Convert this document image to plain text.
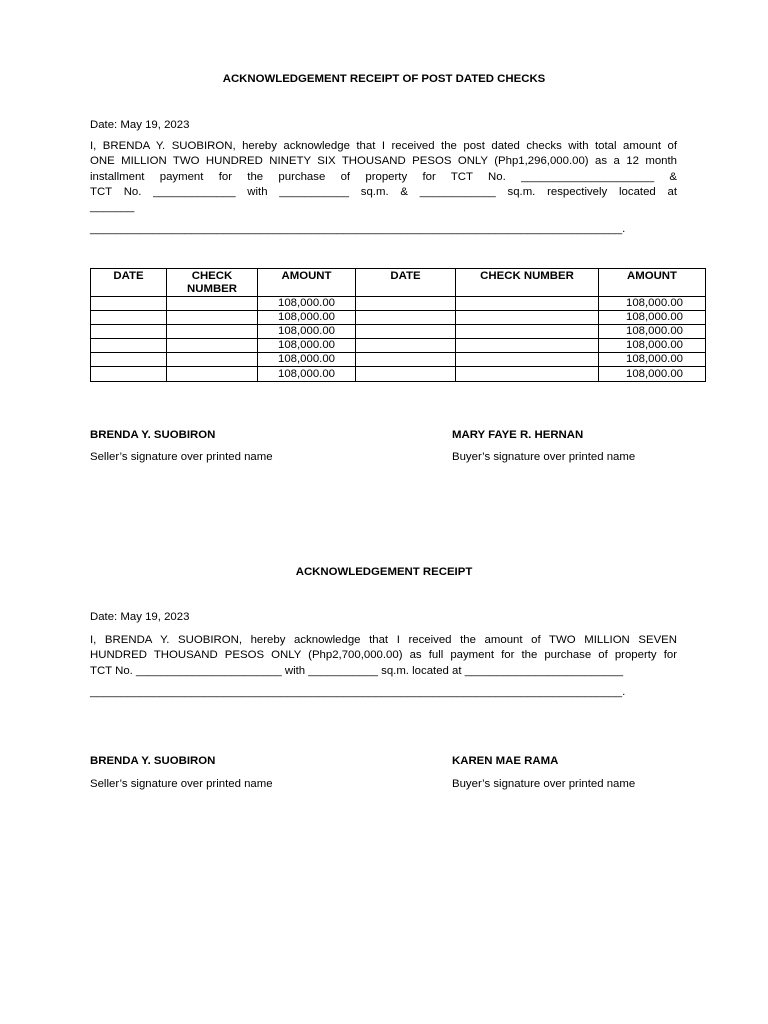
ACKNOWLEDGEMENT RECEIPT OF POST DATED CHECKS
Date: May 19, 2023
I, BRENDA Y. SUOBIRON, hereby acknowledge that I received the post dated checks with total amount of
ONE MILLION TWO HUNDRED NINETY SIX THOUSAND PESOS ONLY (Php1,296,000.00) as a 12 month
installment payment for the purchase of property for TCT No. _____________________ &
TCT No. _____________ with ___________ sq.m. & ____________ sq.m. respectively located at
_______
____________________________________________________________________________________.
DATE	CHECK NUMBER	AMOUNT	DATE	CHECK NUMBER	AMOUNT
		108,000.00			108,000.00
		108,000.00			108,000.00
		108,000.00			108,000.00
		108,000.00			108,000.00
		108,000.00			108,000.00
		108,000.00			108,000.00
BRENDA Y. SUOBIRON
Seller’s signature over printed name
MARY FAYE R. HERNAN
Buyer’s signature over printed name
ACKNOWLEDGEMENT RECEIPT
Date: May 19, 2023
I, BRENDA Y. SUOBIRON, hereby acknowledge that I received the amount of TWO MILLION SEVEN
HUNDRED THOUSAND PESOS ONLY (Php2,700,000.00) as full payment for the purchase of property for
TCT No. _______________________ with ___________ sq.m. located at _________________________
____________________________________________________________________________________.
BRENDA Y. SUOBIRON
Seller’s signature over printed name
KAREN MAE RAMA
Buyer’s signature over printed name
